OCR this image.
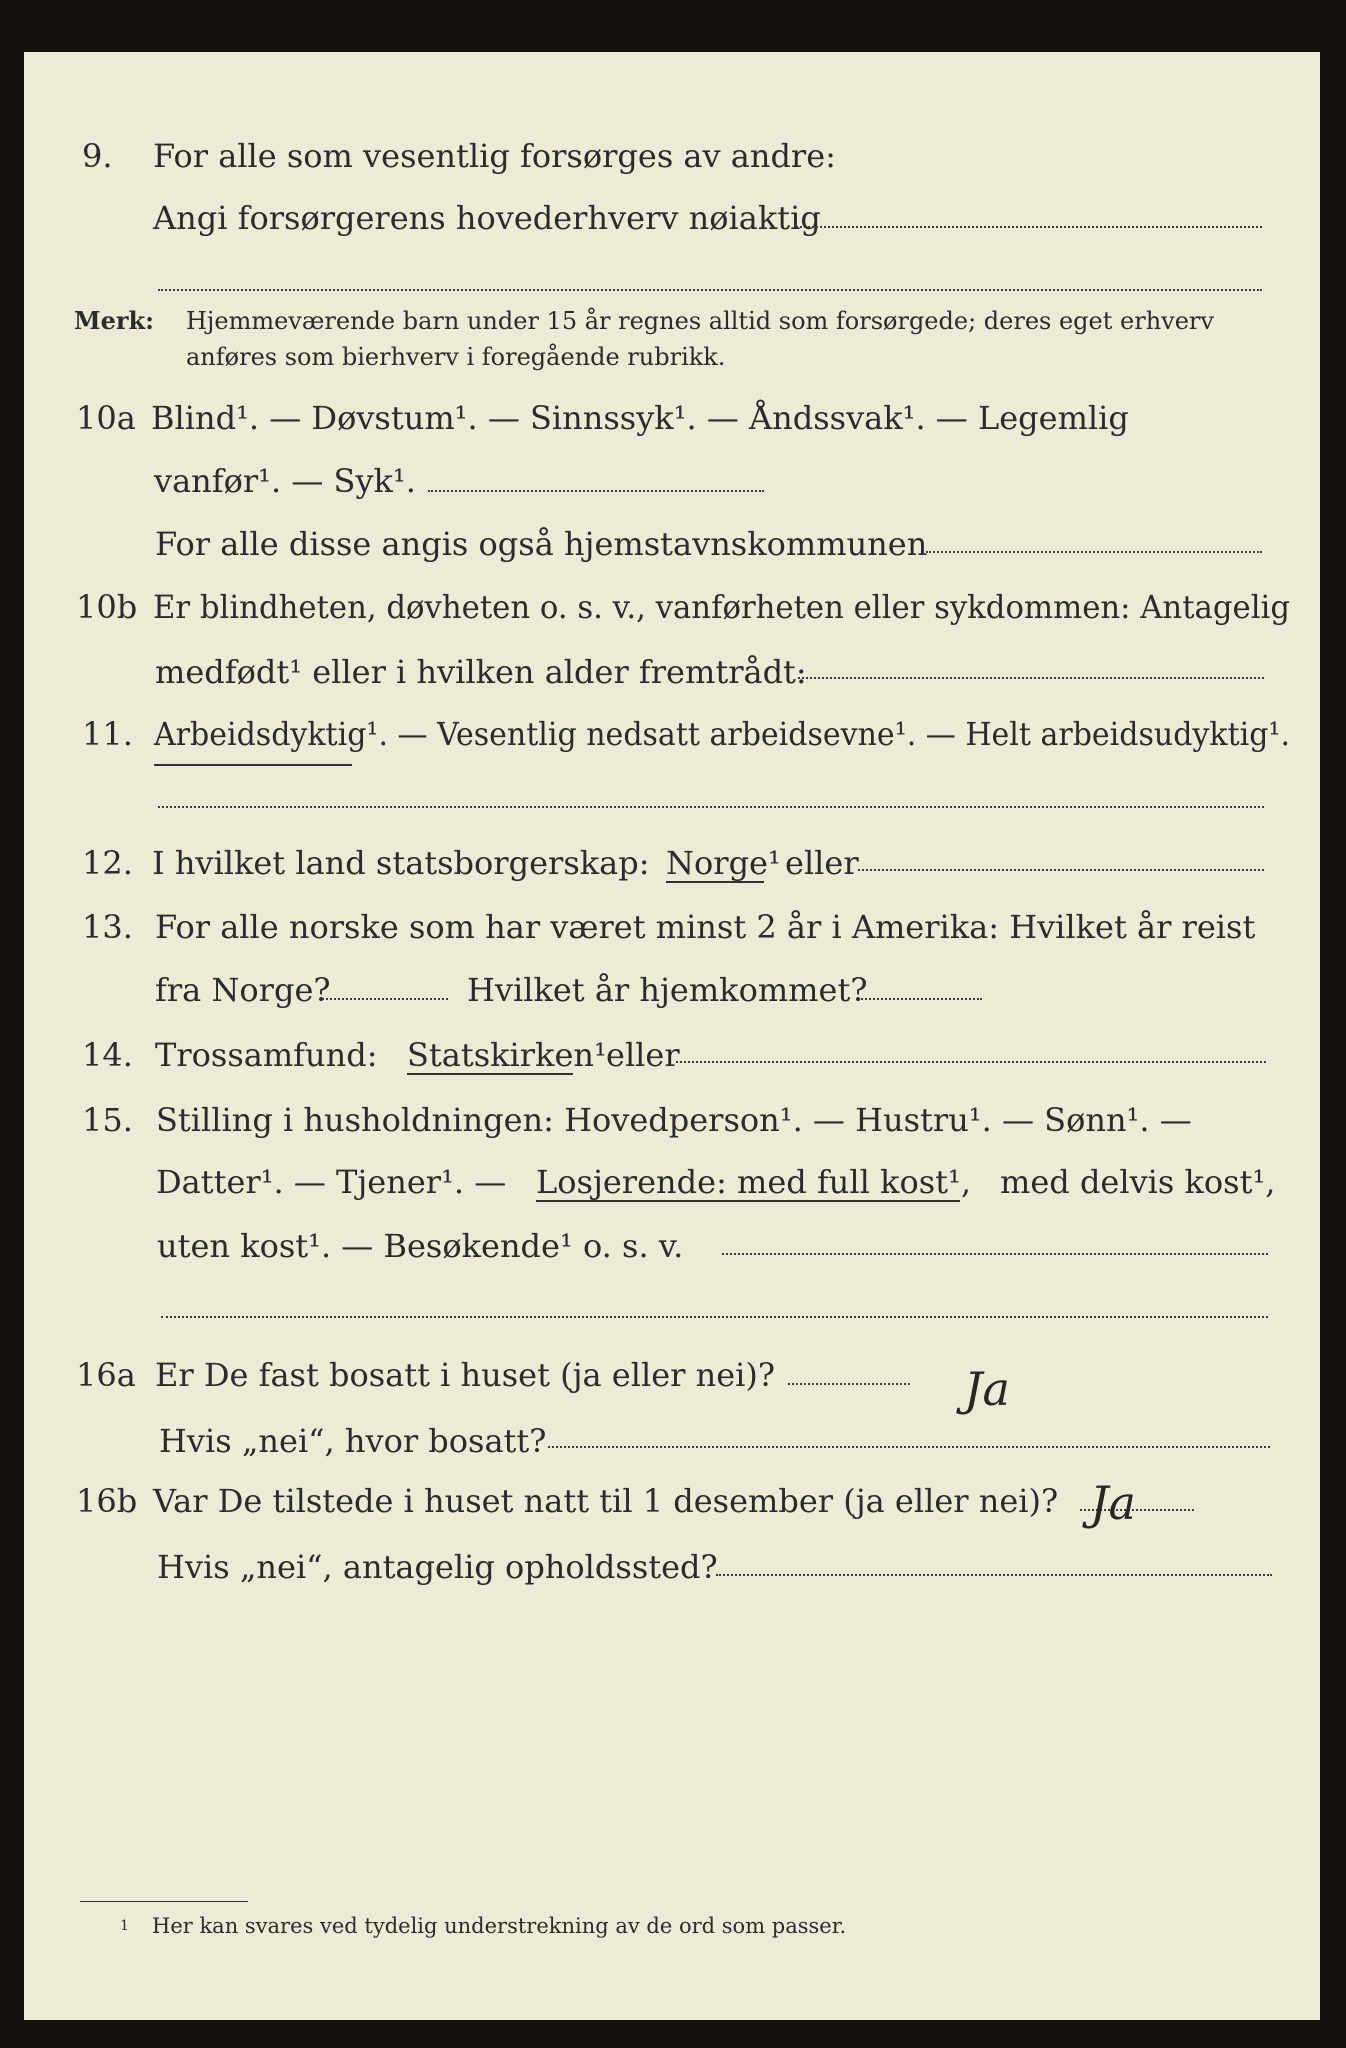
9. For alle som vesentlig forsørges av andre:
Angi forsørgerens hovederhverv nøiaktig
Merk: Hjemmeværende barn under 15 år regnes alltid som forsørgede; deres eget erhverv
anføres som bierhverv i foregående rubrikk.
10a Blind¹. — Døvstum¹. — Sinnssyk¹. — Åndssvak¹. — Legemlig
vanfør¹. — Syk¹.
For alle disse angis også hjemstavnskommunen
10b Er blindheten, døvheten o. s. v., vanførheten eller sykdommen: Antagelig
medfødt¹ eller i hvilken alder fremtrådt:
11. Arbeidsdyktig¹. — Vesentlig nedsatt arbeidsevne¹. — Helt arbeidsudyktig¹.
12. I hvilket land statsborgerskap: Norge¹ eller
13. For alle norske som har været minst 2 år i Amerika: Hvilket år reist
fra Norge?	Hvilket år hjemkommet?
14. Trossamfund: Statskirken¹ eller
15. Stilling i husholdningen: Hovedperson¹. — Hustru¹. — Sønn¹. —
Datter¹. — Tjener¹. — Losjerende: med full kost¹, med delvis kost¹,
uten kost¹. — Besøkende¹ o. s. v.
16a Er De fast bosatt i huset (ja eller nei)?	Ja
Hvis „nei“, hvor bosatt?
16b Var De tilstede i huset natt til 1 desember (ja eller nei)? Ja
Hvis „nei“, antagelig opholdssted?
1 Her kan svares ved tydelig understrekning av de ord som passer.
